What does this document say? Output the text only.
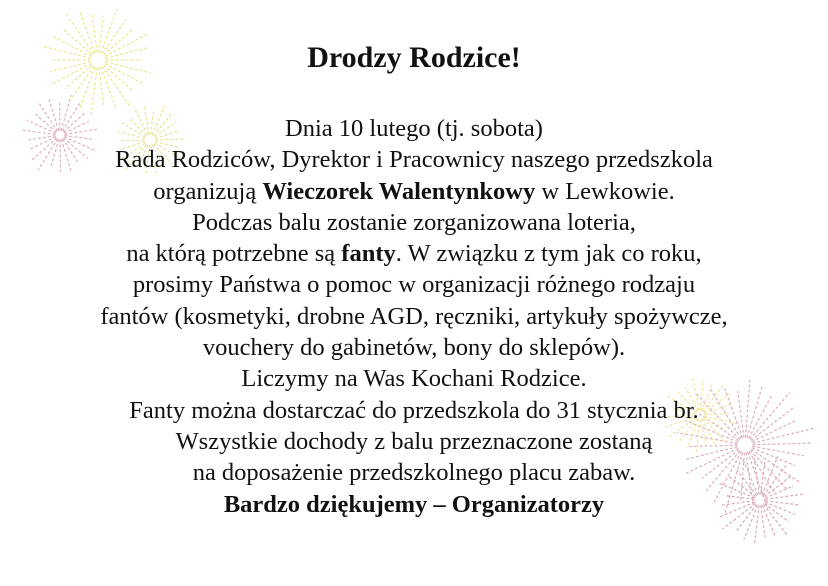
Drodzy Rodzice!
Dnia 10 lutego (tj. sobota)
Rada Rodziców, Dyrektor i Pracownicy naszego przedszkola
organizują Wieczorek Walentynkowy w Lewkowie.
Podczas balu zostanie zorganizowana loteria,
na którą potrzebne są fanty. W związku z tym jak co roku,
prosimy Państwa o pomoc w organizacji różnego rodzaju
fantów (kosmetyki, drobne AGD, ręczniki, artykuły spożywcze,
vouchery do gabinetów, bony do sklepów).
Liczymy na Was Kochani Rodzice.
Fanty można dostarczać do przedszkola do 31 stycznia br.
Wszystkie dochody z balu przeznaczone zostaną
na doposażenie przedszkolnego placu zabaw.
Bardzo dziękujemy – Organizatorzy
